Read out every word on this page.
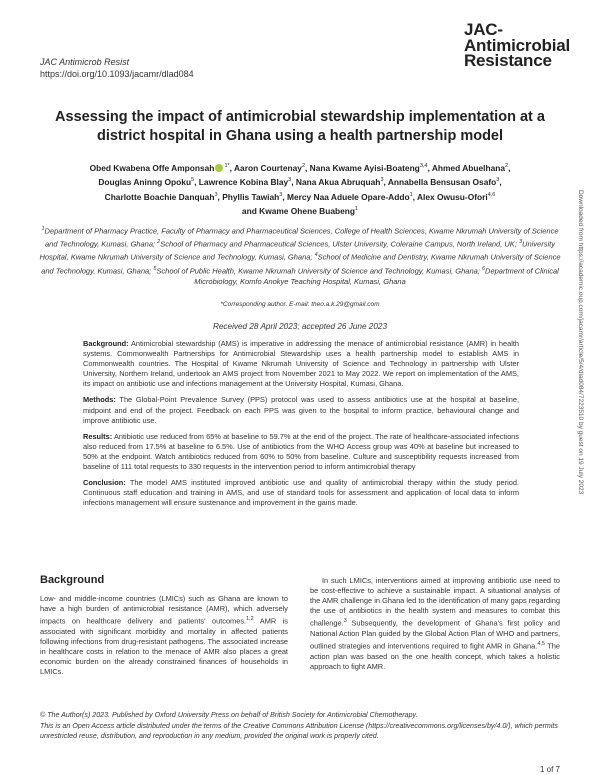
JAC Antimicrob Resist
https://doi.org/10.1093/jacamr/dlad084
JAC-
Antimicrobial
Resistance
Assessing the impact of antimicrobial stewardship implementation at a district hospital in Ghana using a health partnership model
Obed Kwabena Offe Amponsah $^{1*}$, Aaron Courtenay$^2$, Nana Kwame Ayisi-Boateng$^{3,4}$, Ahmed Abuelhana$^2$,
Douglas Aninng Opoku$^5$, Lawrence Kobina Blay$^3$, Nana Akua Abruquah$^3$, Annabella Bensusan Osafo$^3$,
Charlotte Boachie Danquah$^3$, Phyllis Tawiah$^3$, Mercy Naa Aduele Opare-Addo$^1$, Alex Owusu-Ofori$^{4,6}$
and Kwame Ohene Buabeng$^1$
$^1$Department of Pharmacy Practice, Faculty of Pharmacy and Pharmaceutical Sciences, College of Health Sciences, Kwame Nkrumah University of Science and Technology, Kumasi, Ghana; $^2$School of Pharmacy and Pharmaceutical Sciences, Ulster University, Coleraine Campus, North Ireland, UK; $^3$University Hospital, Kwame Nkrumah University of Science and Technology, Kumasi, Ghana; $^4$School of Medicine and Dentistry, Kwame Nkrumah University of Science and Technology, Kumasi, Ghana; $^5$School of Public Health, Kwame Nkrumah University of Science and Technology, Kumasi, Ghana; $^6$Department of Clinical Microbiology, Komfo Anokye Teaching Hospital, Kumasi, Ghana
*Corresponding author. E-mail: theo.a.k.29@gmail.com
Received 28 April 2023; accepted 26 June 2023

Background: Antimicrobial stewardship (AMS) is imperative in addressing the menace of antimicrobial resistance (AMR) in health systems. Commonwealth Partnerships for Antimicrobial Stewardship uses a health partnership model to establish AMS in Commonwealth countries. The Hospital of Kwame Nkrumah University of Science and Technology in partnership with Ulster University, Northern Ireland, undertook an AMS project from November 2021 to May 2022. We report on implementation of the AMS, its impact on antibiotic use and infections management at the University Hospital, Kumasi, Ghana.

Methods: The Global-Point Prevalence Survey (PPS) protocol was used to assess antibiotics use at the hospital at baseline, midpoint and end of the project. Feedback on each PPS was given to the hospital to inform practice, behavioural change and improve antibiotic use.

Results: Antibiotic use reduced from 65% at baseline to 59.7% at the end of the project. The rate of healthcare-associated infections also reduced from 17.5% at baseline to 6.5%. Use of antibiotics from the WHO Access group was 40% at baseline but increased to 50% at the endpoint. Watch antibiotics reduced from 60% to 50% from baseline. Culture and susceptibility requests increased from baseline of 111 total requests to 330 requests in the intervention period to inform antimicrobial therapy

Conclusion: The model AMS instituted improved antibiotic use and quality of antimicrobial therapy within the study period. Continuous staff education and training in AMS, and use of standard tools for assessment and application of local data to inform infections management will ensure sustenance and improvement in the gains made.

Background

Low- and middle-income countries (LMICs) such as Ghana are known to have a high burden of antimicrobial resistance (AMR), which adversely impacts on healthcare delivery and patients' outcomes.$^{1,2}$ AMR is associated with significant morbidity and mortality in affected patients following infections from drug-resistant pathogens. The associated increase in healthcare costs in relation to the menace of AMR also places a great economic burden on the already constrained finances of households in LMICs.

In such LMICs, interventions aimed at improving antibiotic use need to be cost-effective to achieve a sustainable impact. A situational analysis of the AMR challenge in Ghana led to the identification of many gaps regarding the use of antibiotics in the health system and measures to combat this challenge.$^3$ Subsequently, the development of Ghana's first policy and National Action Plan guided by the Global Action Plan of WHO and partners, outlined strategies and interventions required to fight AMR in Ghana.$^{4,5}$ The action plan was based on the one health concept, which takes a holistic approach to fight AMR.

Downloaded from https://academic.oup.com/jacamr/article/5/4/dlad084/7223510 by guest on 19 July 2023
© The Author(s) 2023. Published by Oxford University Press on behalf of British Society for Antimicrobial Chemotherapy.
This is an Open Access article distributed under the terms of the Creative Commons Attribution License (https://creativecommons.org/licenses/by/4.0/), which permits unrestricted reuse, distribution, and reproduction in any medium, provided the original work is properly cited.
1 of 7
